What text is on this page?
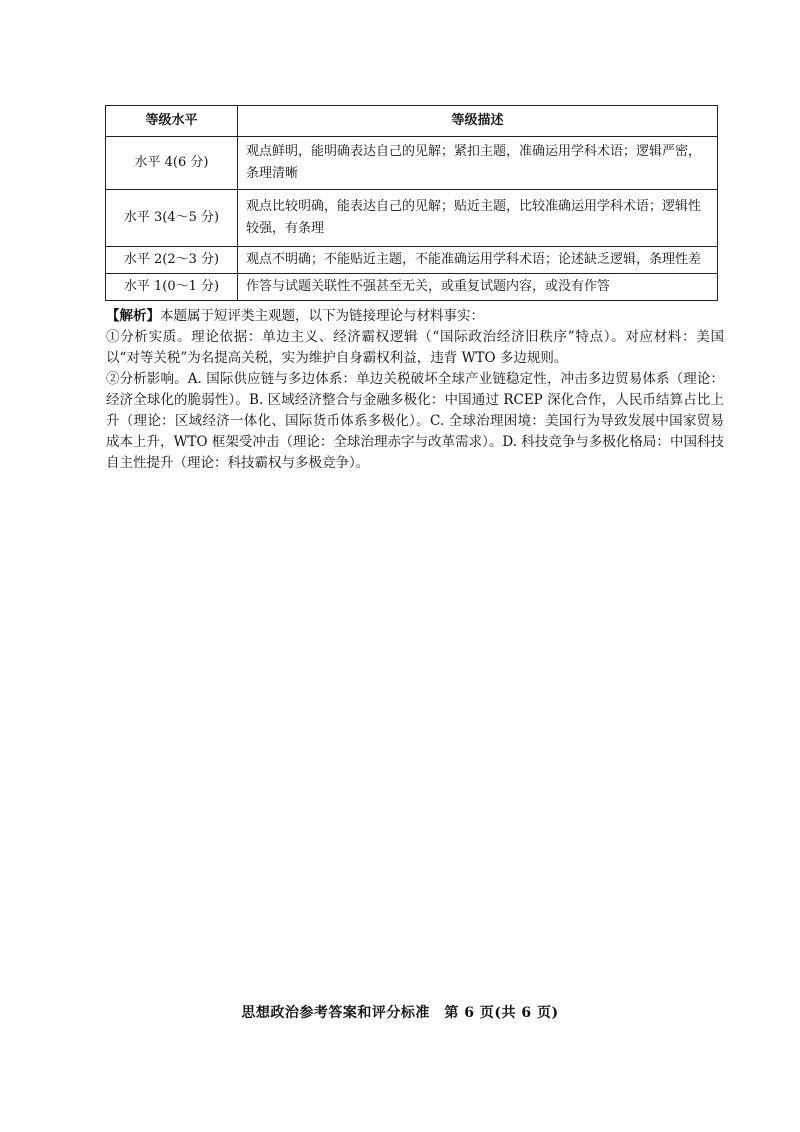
等级水平	等级描述
水平 4(6 分)	观点鲜明，能明确表达自己的见解；紧扣主题，准确运用学科术语；逻辑严密，条理清晰
水平 3(4～5 分)	观点比较明确，能表达自己的见解；贴近主题，比较准确运用学科术语；逻辑性较强，有条理
水平 2(2～3 分)	观点不明确；不能贴近主题，不能准确运用学科术语；论述缺乏逻辑，条理性差
水平 1(0～1 分)	作答与试题关联性不强甚至无关，或重复试题内容，或没有作答

【解析】本题属于短评类主观题，以下为链接理论与材料事实：

①分析实质。理论依据：单边主义、经济霸权逻辑（“国际政治经济旧秩序”特点）。对应材料：美国以“对等关税”为名提高关税，实为维护自身霸权利益，违背 WTO 多边规则。

②分析影响。A. 国际供应链与多边体系：单边关税破坏全球产业链稳定性，冲击多边贸易体系（理论：经济全球化的脆弱性）。B. 区域经济整合与金融多极化：中国通过 RCEP 深化合作，人民币结算占比上升（理论：区域经济一体化、国际货币体系多极化）。C. 全球治理困境：美国行为导致发展中国家贸易成本上升，WTO 框架受冲击（理论：全球治理赤字与改革需求）。D. 科技竞争与多极化格局：中国科技自主性提升（理论：科技霸权与多极竞争）。

思想政治参考答案和评分标准　第 6 页(共 6 页)
